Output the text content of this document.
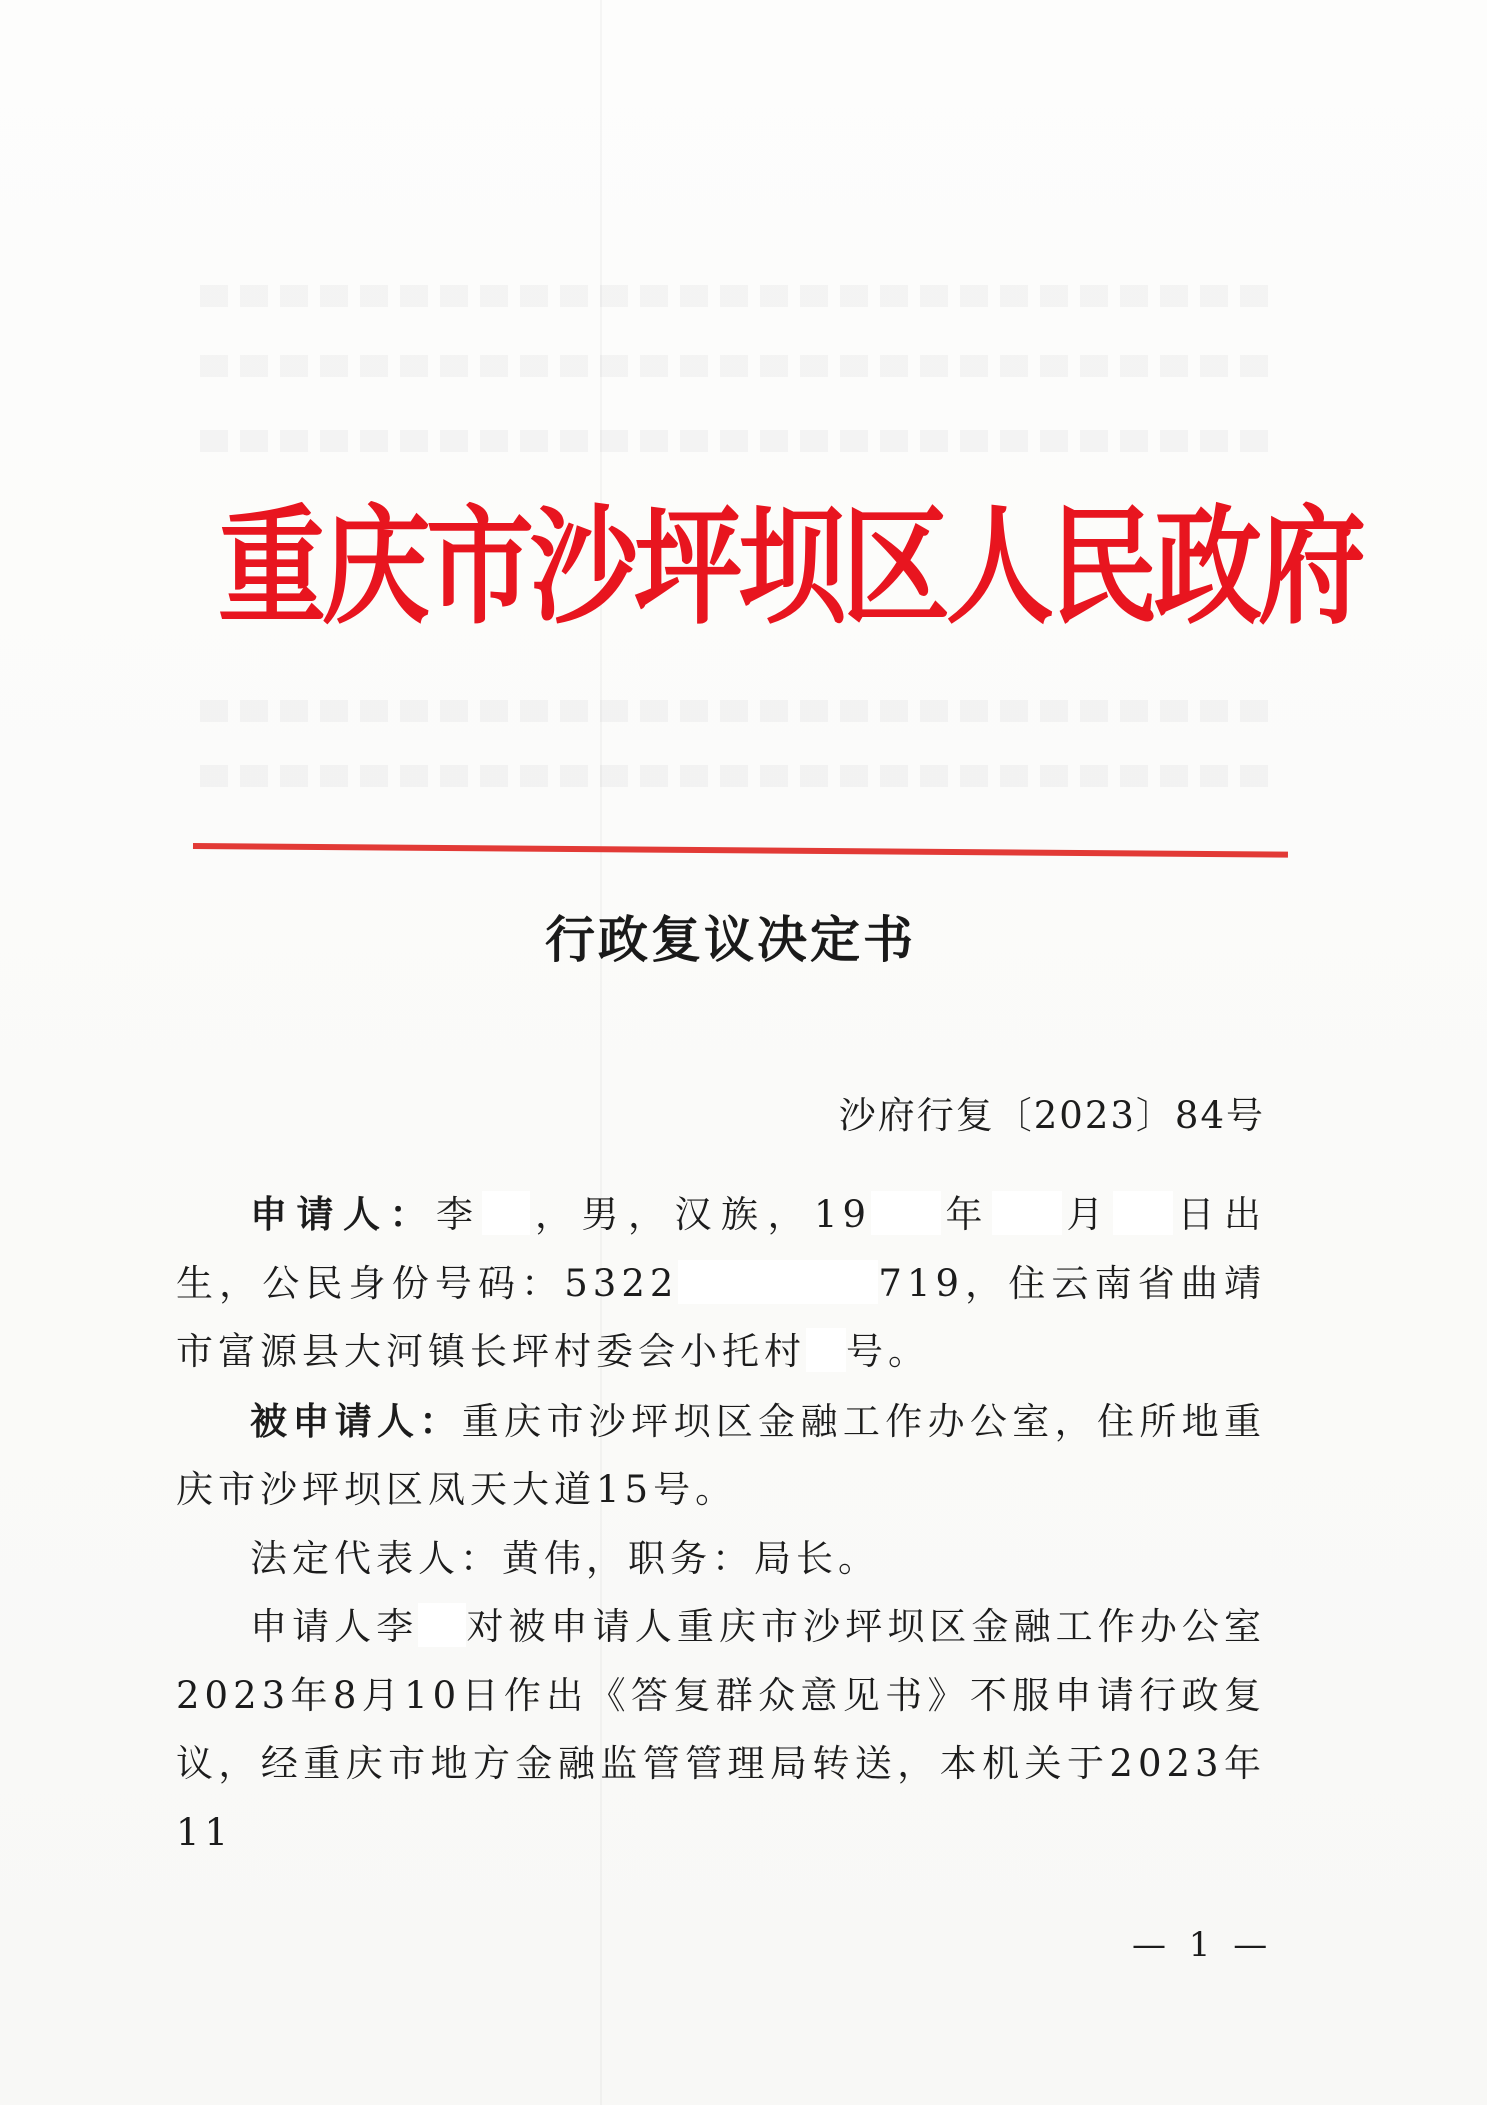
重庆市沙坪坝区人民政府
行政复议决定书
沙府行复〔2023〕84号

申请人：李 ，男，汉族，19 年 月 日出生，公民身份号码：5322	719，住云南省曲靖市富源县大河镇长坪村委会小托村 号。

被申请人：重庆市沙坪坝区金融工作办公室，住所地重庆市沙坪坝区凤天大道15号。

法定代表人：黄伟，职务：局长。

申请人李 对被申请人重庆市沙坪坝区金融工作办公室2023年8月10日作出《答复群众意见书》不服申请行政复议，经重庆市地方金融监管管理局转送，本机关于2023年11

— 1 —
